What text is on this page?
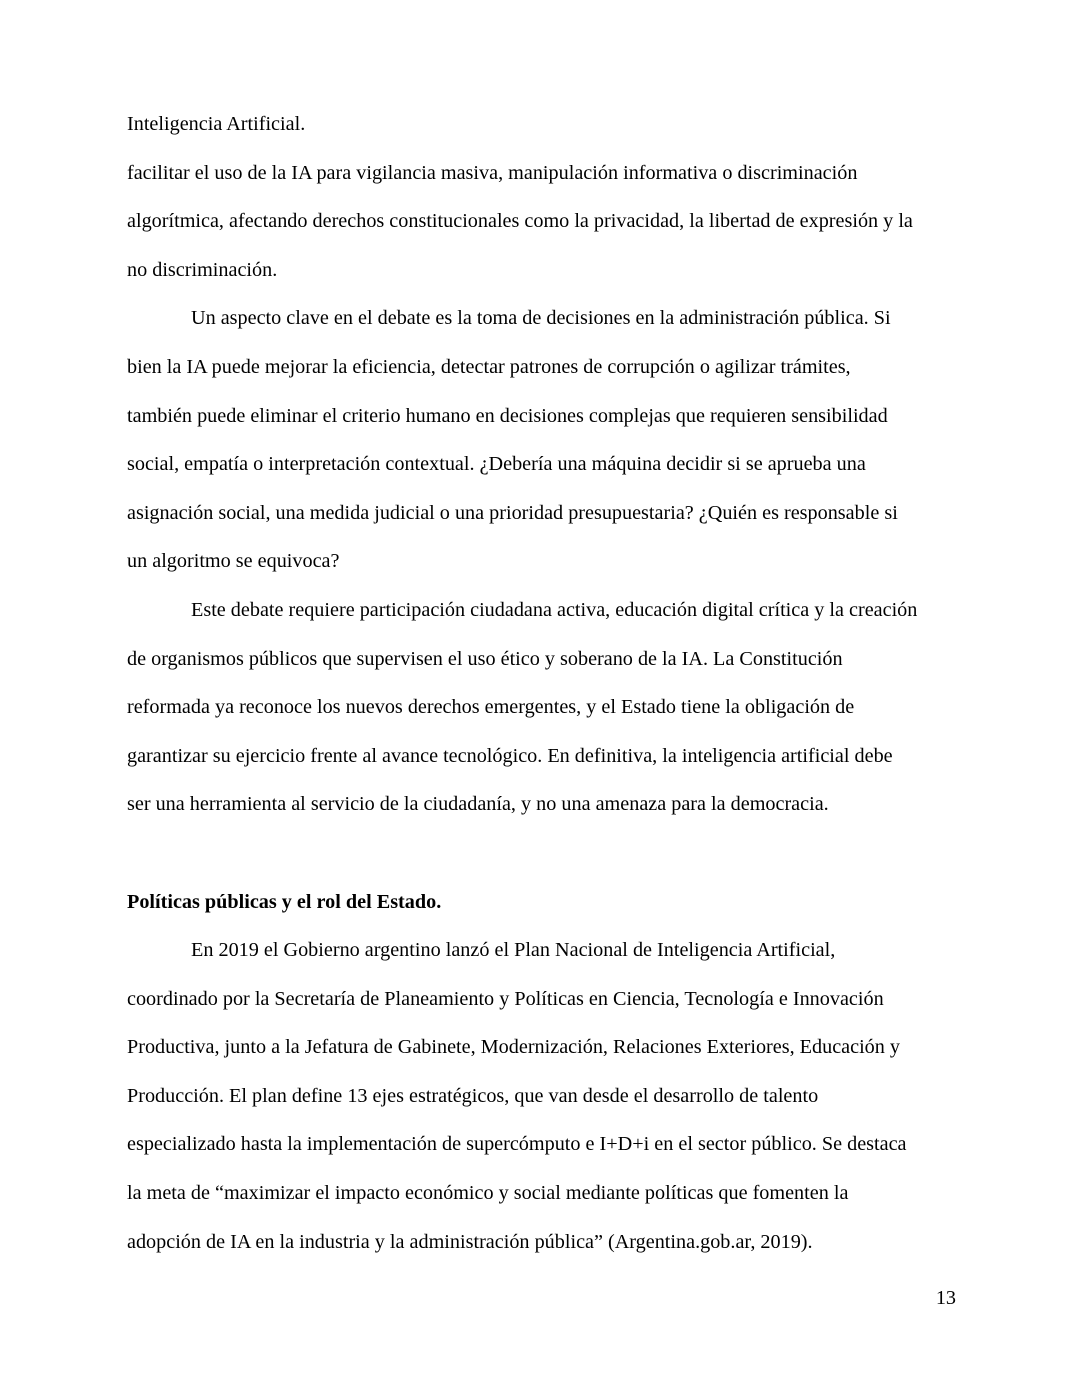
Inteligencia Artificial.
facilitar el uso de la IA para vigilancia masiva, manipulación informativa o discriminación
algorítmica, afectando derechos constitucionales como la privacidad, la libertad de expresión y la
no discriminación.
Un aspecto clave en el debate es la toma de decisiones en la administración pública. Si
bien la IA puede mejorar la eficiencia, detectar patrones de corrupción o agilizar trámites,
también puede eliminar el criterio humano en decisiones complejas que requieren sensibilidad
social, empatía o interpretación contextual. ¿Debería una máquina decidir si se aprueba una
asignación social, una medida judicial o una prioridad presupuestaria? ¿Quién es responsable si
un algoritmo se equivoca?
Este debate requiere participación ciudadana activa, educación digital crítica y la creación
de organismos públicos que supervisen el uso ético y soberano de la IA. La Constitución
reformada ya reconoce los nuevos derechos emergentes, y el Estado tiene la obligación de
garantizar su ejercicio frente al avance tecnológico. En definitiva, la inteligencia artificial debe
ser una herramienta al servicio de la ciudadanía, y no una amenaza para la democracia.
Políticas públicas y el rol del Estado.
En 2019 el Gobierno argentino lanzó el Plan Nacional de Inteligencia Artificial,
coordinado por la Secretaría de Planeamiento y Políticas en Ciencia, Tecnología e Innovación
Productiva, junto a la Jefatura de Gabinete, Modernización, Relaciones Exteriores, Educación y
Producción. El plan define 13 ejes estratégicos, que van desde el desarrollo de talento
especializado hasta la implementación de supercómputo e I+D+i en el sector público. Se destaca
la meta de “maximizar el impacto económico y social mediante políticas que fomenten la
adopción de IA en la industria y la administración pública” (Argentina.gob.ar, 2019).
13
